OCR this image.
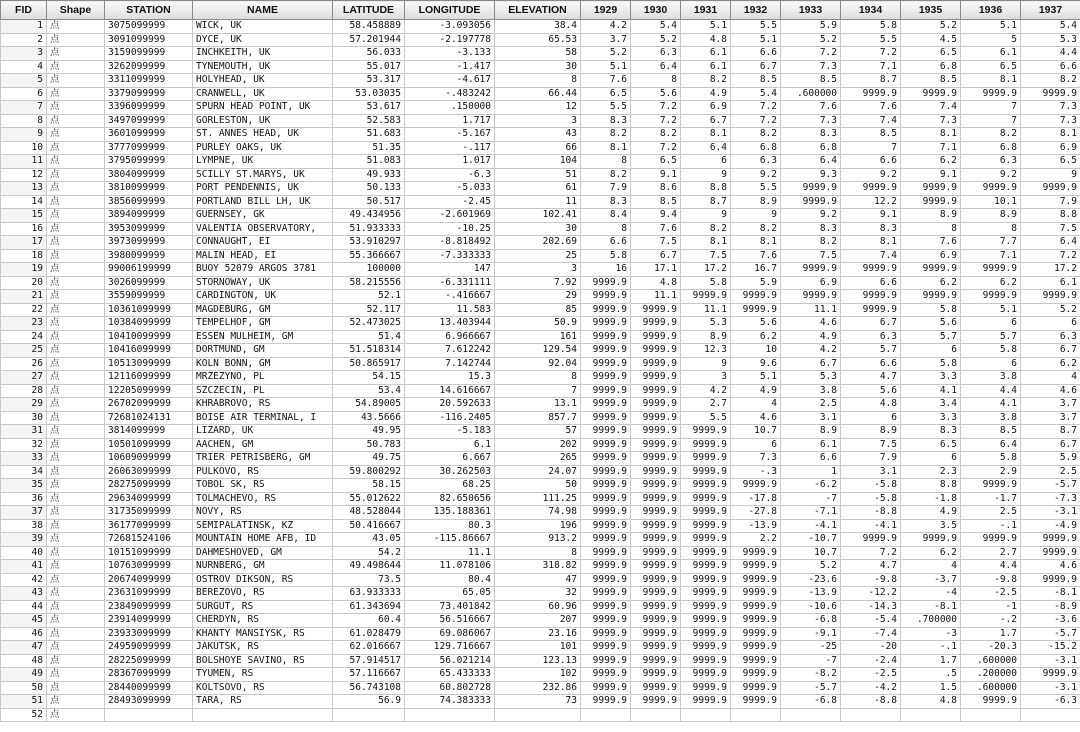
FID	Shape	STATION	NAME	LATITUDE	LONGITUDE	ELEVATION	1929	1930	1931	1932	1933	1934	1935	1936	1937
1	点	3075099999	WICK, UK	58.458889	-3.093056	38.4	4.2	5.4	5.1	5.5	5.9	5.8	5.2	5.1	5.4
2	点	3091099999	DYCE, UK	57.201944	-2.197778	65.53	3.7	5.2	4.8	5.1	5.2	5.5	4.5	5	5.3
3	点	3159099999	INCHKEITH, UK	56.033	-3.133	58	5.2	6.3	6.1	6.6	7.2	7.2	6.5	6.1	4.4
4	点	3262099999	TYNEMOUTH, UK	55.017	-1.417	30	5.1	6.4	6.1	6.7	7.3	7.1	6.8	6.5	6.6
5	点	3311099999	HOLYHEAD, UK	53.317	-4.617	8	7.6	8	8.2	8.5	8.5	8.7	8.5	8.1	8.2
6	点	3379099999	CRANWELL, UK	53.03035	-.483242	66.44	6.5	5.6	4.9	5.4	.600000	9999.9	9999.9	9999.9	9999.9
7	点	3396099999	SPURN HEAD POINT, UK	53.617	.150000	12	5.5	7.2	6.9	7.2	7.6	7.6	7.4	7	7.3
8	点	3497099999	GORLESTON, UK	52.583	1.717	3	8.3	7.2	6.7	7.2	7.3	7.4	7.3	7	7.3
9	点	3601099999	ST. ANNES HEAD, UK	51.683	-5.167	43	8.2	8.2	8.1	8.2	8.3	8.5	8.1	8.2	8.1
10	点	3777099999	PURLEY OAKS, UK	51.35	-.117	66	8.1	7.2	6.4	6.8	6.8	7	7.1	6.8	6.9
11	点	3795099999	LYMPNE, UK	51.083	1.017	104	8	6.5	6	6.3	6.4	6.6	6.2	6.3	6.5
12	点	3804099999	SCILLY ST.MARYS, UK	49.933	-6.3	51	8.2	9.1	9	9.2	9.3	9.2	9.1	9.2	9
13	点	3810099999	PORT PENDENNIS, UK	50.133	-5.033	61	7.9	8.6	8.8	5.5	9999.9	9999.9	9999.9	9999.9	9999.9
14	点	3856099999	PORTLAND BILL LH, UK	50.517	-2.45	11	8.3	8.5	8.7	8.9	9999.9	12.2	9999.9	10.1	7.9
15	点	3894099999	GUERNSEY, GK	49.434956	-2.601969	102.41	8.4	9.4	9	9	9.2	9.1	8.9	8.9	8.8
16	点	3953099999	VALENTIA OBSERVATORY,	51.933333	-10.25	30	8	7.6	8.2	8.2	8.3	8.3	8	8	7.5
17	点	3973099999	CONNAUGHT, EI	53.910297	-8.818492	202.69	6.6	7.5	8.1	8.1	8.2	8.1	7.6	7.7	6.4
18	点	3980099999	MALIN HEAD, EI	55.366667	-7.333333	25	5.8	6.7	7.5	7.6	7.5	7.4	6.9	7.1	7.2
19	点	99006199999	BUOY 52079 ARGOS 3781	100000	147	3	16	17.1	17.2	16.7	9999.9	9999.9	9999.9	9999.9	17.2
20	点	3026099999	STORNOWAY, UK	58.215556	-6.331111	7.92	9999.9	4.8	5.8	5.9	6.9	6.6	6.2	6.2	6.1
21	点	3559099999	CARDINGTON, UK	52.1	-.416667	29	9999.9	11.1	9999.9	9999.9	9999.9	9999.9	9999.9	9999.9	9999.9
22	点	10361099999	MAGDEBURG, GM	52.117	11.583	85	9999.9	9999.9	11.1	9999.9	11.1	9999.9	5.8	5.1	5.2
23	点	10384099999	TEMPELHOF, GM	52.473025	13.403944	50.9	9999.9	9999.9	5.3	5.6	4.6	6.7	5.6	6	6
24	点	10410099999	ESSEN MULHEIM, GM	51.4	6.966667	161	9999.9	9999.9	8.9	6.2	4.9	6.3	5.7	5.7	6.3
25	点	10416099999	DORTMUND, GM	51.518314	7.612242	129.54	9999.9	9999.9	12.3	10	4.2	5.7	6	5.8	6.7
26	点	10513099999	KOLN BONN, GM	50.865917	7.142744	92.04	9999.9	9999.9	9	9.6	6.7	6.6	5.8	6	6.2
27	点	12116099999	MRZEZYNO, PL	54.15	15.3	8	9999.9	9999.9	3	5.1	5.3	4.7	3.3	3.8	4
28	点	12205099999	SZCZECIN, PL	53.4	14.616667	7	9999.9	9999.9	4.2	4.9	3.8	5.6	4.1	4.4	4.6
29	点	26702099999	KHRABROVO, RS	54.89005	20.592633	13.1	9999.9	9999.9	2.7	4	2.5	4.8	3.4	4.1	3.7
30	点	72681024131	BOISE AIR TERMINAL, I	43.5666	-116.2405	857.7	9999.9	9999.9	5.5	4.6	3.1	6	3.3	3.8	3.7
31	点	3814099999	LIZARD, UK	49.95	-5.183	57	9999.9	9999.9	9999.9	10.7	8.9	8.9	8.3	8.5	8.7
32	点	10501099999	AACHEN, GM	50.783	6.1	202	9999.9	9999.9	9999.9	6	6.1	7.5	6.5	6.4	6.7
33	点	10609099999	TRIER PETRISBERG, GM	49.75	6.667	265	9999.9	9999.9	9999.9	7.3	6.6	7.9	6	5.8	5.9
34	点	26063099999	PULKOVO, RS	59.800292	30.262503	24.07	9999.9	9999.9	9999.9	-.3	1	3.1	2.3	2.9	2.5
35	点	28275099999	TOBOL SK, RS	58.15	68.25	50	9999.9	9999.9	9999.9	9999.9	-6.2	-5.8	8.8	9999.9	-5.7
36	点	29634099999	TOLMACHEVO, RS	55.012622	82.650656	111.25	9999.9	9999.9	9999.9	-17.8	-7	-5.8	-1.8	-1.7	-7.3
37	点	31735099999	NOVY, RS	48.528044	135.188361	74.98	9999.9	9999.9	9999.9	-27.8	-7.1	-8.8	4.9	2.5	-3.1
38	点	36177099999	SEMIPALATINSK, KZ	50.416667	80.3	196	9999.9	9999.9	9999.9	-13.9	-4.1	-4.1	3.5	-.1	-4.9
39	点	72681524106	MOUNTAIN HOME AFB, ID	43.05	-115.86667	913.2	9999.9	9999.9	9999.9	2.2	-10.7	9999.9	9999.9	9999.9	9999.9
40	点	10151099999	DAHMESHOVED, GM	54.2	11.1	8	9999.9	9999.9	9999.9	9999.9	10.7	7.2	6.2	2.7	9999.9
41	点	10763099999	NURNBERG, GM	49.498644	11.078106	318.82	9999.9	9999.9	9999.9	9999.9	5.2	4.7	4	4.4	4.6
42	点	20674099999	OSTROV DIKSON, RS	73.5	80.4	47	9999.9	9999.9	9999.9	9999.9	-23.6	-9.8	-3.7	-9.8	9999.9
43	点	23631099999	BEREZOVO, RS	63.933333	65.05	32	9999.9	9999.9	9999.9	9999.9	-13.9	-12.2	-4	-2.5	-8.1
44	点	23849099999	SURGUT, RS	61.343694	73.401842	60.96	9999.9	9999.9	9999.9	9999.9	-10.6	-14.3	-8.1	-1	-8.9
45	点	23914099999	CHERDYN, RS	60.4	56.516667	207	9999.9	9999.9	9999.9	9999.9	-6.8	-5.4	.700000	-.2	-3.6
46	点	23933099999	KHANTY MANSIYSK, RS	61.028479	69.086067	23.16	9999.9	9999.9	9999.9	9999.9	-9.1	-7.4	-3	1.7	-5.7
47	点	24959099999	JAKUTSK, RS	62.016667	129.716667	101	9999.9	9999.9	9999.9	9999.9	-25	-20	-.1	-20.3	-15.2
48	点	28225099999	BOLSHOYE SAVINO, RS	57.914517	56.021214	123.13	9999.9	9999.9	9999.9	9999.9	-7	-2.4	1.7	.600000	-3.1
49	点	28367099999	TYUMEN, RS	57.116667	65.433333	102	9999.9	9999.9	9999.9	9999.9	-8.2	-2.5	.5	.200000	9999.9
50	点	28440099999	KOLTSOVO, RS	56.743108	60.802728	232.86	9999.9	9999.9	9999.9	9999.9	-5.7	-4.2	1.5	.600000	-3.1
51	点	28493099999	TARA, RS	56.9	74.383333	73	9999.9	9999.9	9999.9	9999.9	-6.8	-8.8	4.8	9999.9	-6.3
52	点														
